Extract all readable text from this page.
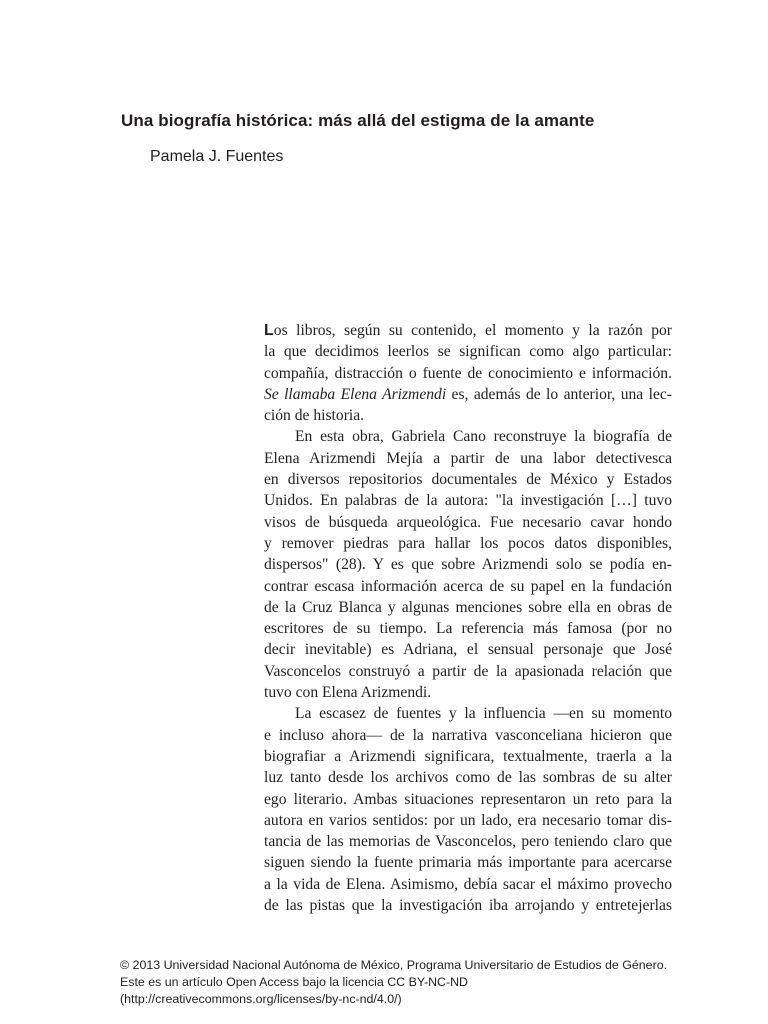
Una biografía histórica: más allá del estigma de la amante

Pamela J. Fuentes

Los libros, según su contenido, el momento y la razón por
la que decidimos leerlos se significan como algo particular:
compañía, distracción o fuente de conocimiento e información.
Se llamaba Elena Arizmendi es, además de lo anterior, una lec-
ción de historia.
En esta obra, Gabriela Cano reconstruye la biografía de
Elena Arizmendi Mejía a partir de una labor detectivesca
en diversos repositorios documentales de México y Estados
Unidos. En palabras de la autora: "la investigación […] tuvo
visos de búsqueda arqueológica. Fue necesario cavar hondo
y remover piedras para hallar los pocos datos disponibles,
dispersos" (28). Y es que sobre Arizmendi solo se podía en-
contrar escasa información acerca de su papel en la fundación
de la Cruz Blanca y algunas menciones sobre ella en obras de
escritores de su tiempo. La referencia más famosa (por no
decir inevitable) es Adriana, el sensual personaje que José
Vasconcelos construyó a partir de la apasionada relación que
tuvo con Elena Arizmendi.
La escasez de fuentes y la influencia —en su momento
e incluso ahora— de la narrativa vasconceliana hicieron que
biografiar a Arizmendi significara, textualmente, traerla a la
luz tanto desde los archivos como de las sombras de su alter
ego literario. Ambas situaciones representaron un reto para la
autora en varios sentidos: por un lado, era necesario tomar dis-
tancia de las memorias de Vasconcelos, pero teniendo claro que
siguen siendo la fuente primaria más importante para acercarse
a la vida de Elena. Asimismo, debía sacar el máximo provecho
de las pistas que la investigación iba arrojando y entretejerlas
© 2013 Universidad Nacional Autónoma de México, Programa Universitario de Estudios de Género.
Este es un artículo Open Access bajo la licencia CC BY-NC-ND
(http://creativecommons.org/licenses/by-nc-nd/4.0/)
